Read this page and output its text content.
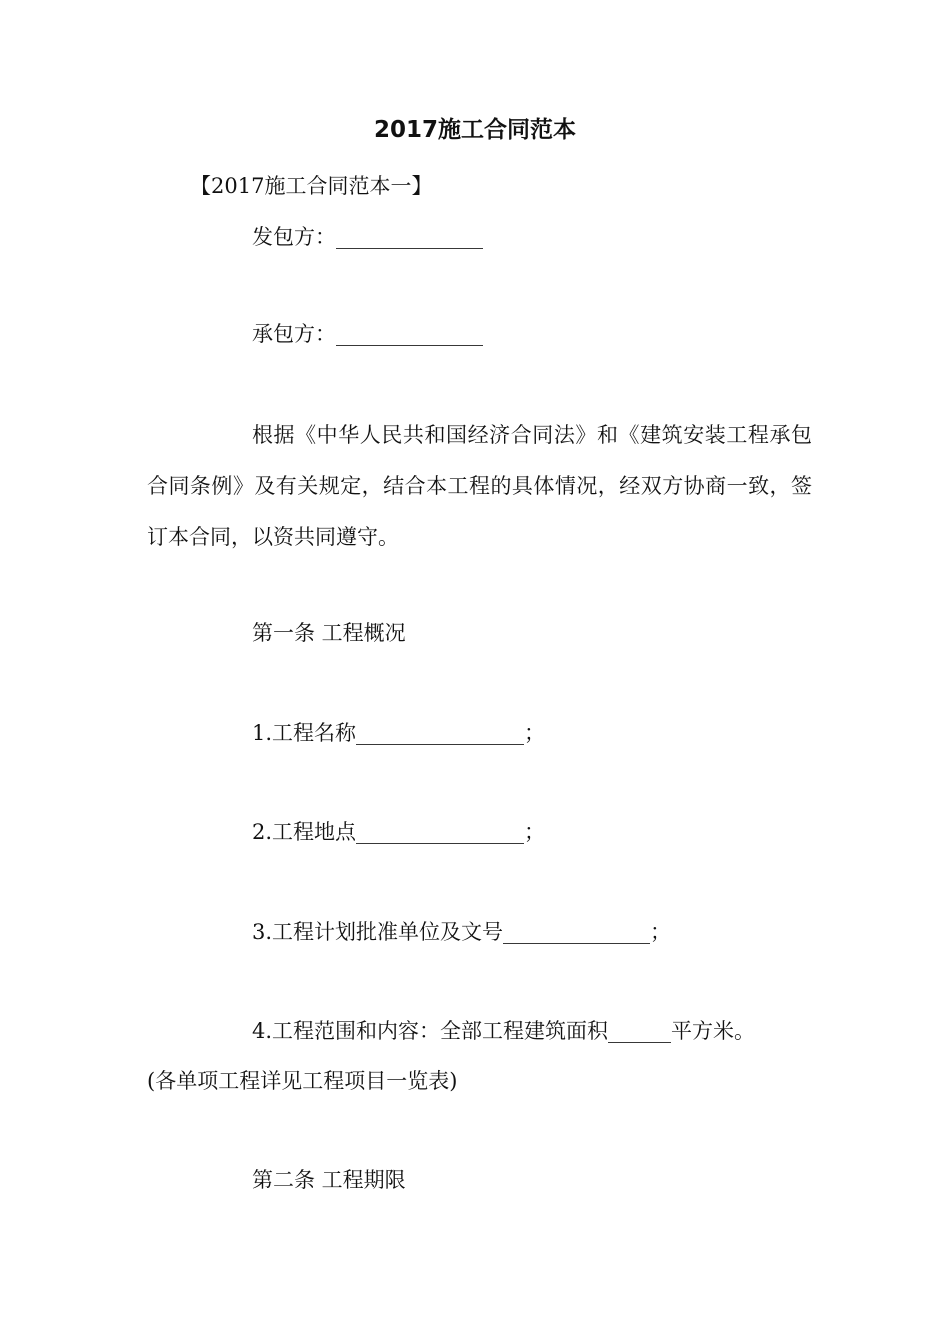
2017施工合同范本
【2017施工合同范本一】
发包方：______________
承包方：______________
根据《中华人民共和国经济合同法》和《建筑安装工程承包合同条例》及有关规定，结合本工程的具体情况，经双方协商一致，签订本合同，以资共同遵守。
第一条 工程概况
1.工程名称________________；
2.工程地点________________；
3.工程计划批准单位及文号______________；
4.工程范围和内容：全部工程建筑面积______平方米。
(各单项工程详见工程项目一览表)
第二条 工程期限
